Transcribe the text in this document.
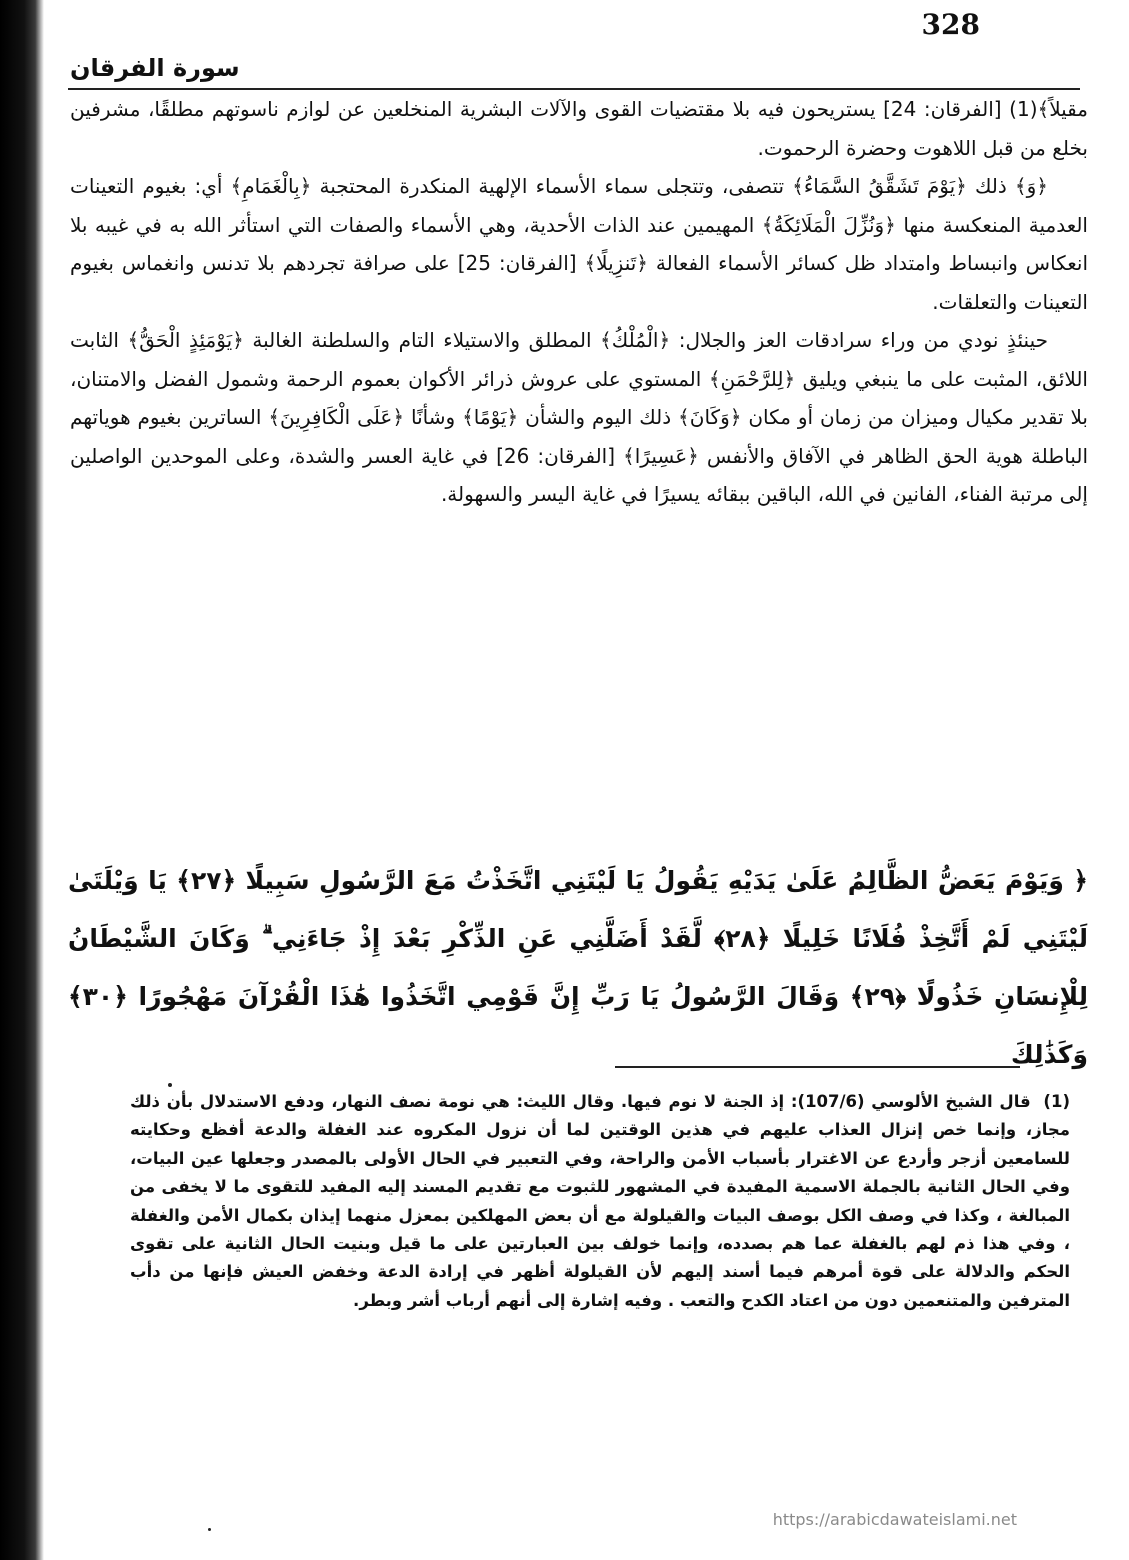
328
سورة الفرقان

مقيلاً﴾(1) [الفرقان: 24] يستريحون فيه بلا مقتضيات القوى والآلات البشرية المنخلعين عن لوازم ناسوتهم مطلقًا، مشرفين بخلع من قبل اللاهوت وحضرة الرحموت.

﴿وَ﴾ ذلك ﴿يَوْمَ تَشَقَّقُ السَّمَاءُ﴾ تتصفى، وتتجلى سماء الأسماء الإلهية المنكدرة المحتجبة ﴿بِالْغَمَامِ﴾ أي: بغيوم التعينات العدمية المنعكسة منها ﴿وَنُزِّلَ الْمَلَائِكَةُ﴾ المهيمين عند الذات الأحدية، وهي الأسماء والصفات التي استأثر الله به في غيبه بلا انعكاس وانبساط وامتداد ظل كسائر الأسماء الفعالة ﴿تَنزِيلًا﴾ [الفرقان: 25] على صرافة تجردهم بلا تدنس وانغماس بغيوم التعينات والتعلقات.

حينئذٍ نودي من وراء سرادقات العز والجلال: ﴿الْمُلْكُ﴾ المطلق والاستيلاء التام والسلطنة الغالبة ﴿يَوْمَئِذٍ الْحَقُّ﴾ الثابت اللائق، المثبت على ما ينبغي ويليق ﴿لِلرَّحْمَنِ﴾ المستوي على عروش ذرائر الأكوان بعموم الرحمة وشمول الفضل والامتنان، بلا تقدير مكيال وميزان من زمان أو مكان ﴿وَكَانَ﴾ ذلك اليوم والشأن ﴿يَوْمًا﴾ وشأنًا ﴿عَلَى الْكَافِرِينَ﴾ الساترين بغيوم هوياتهم الباطلة هوية الحق الظاهر في الآفاق والأنفس ﴿عَسِيرًا﴾ [الفرقان: 26] في غاية العسر والشدة، وعلى الموحدين الواصلين إلى مرتبة الفناء، الفانين في الله، الباقين ببقائه يسيرًا في غاية اليسر والسهولة.

﴿ وَيَوْمَ يَعَضُّ الظَّالِمُ عَلَىٰ يَدَيْهِ يَقُولُ يَا لَيْتَنِي اتَّخَذْتُ مَعَ الرَّسُولِ سَبِيلًا ﴿٢٧﴾ يَا وَيْلَتَىٰ لَيْتَنِي لَمْ أَتَّخِذْ فُلَانًا خَلِيلًا ﴿٢٨﴾ لَّقَدْ أَضَلَّنِي عَنِ الذِّكْرِ بَعْدَ إِذْ جَاءَنِي ۗ وَكَانَ الشَّيْطَانُ لِلْإِنسَانِ خَذُولًا ﴿٢٩﴾ وَقَالَ الرَّسُولُ يَا رَبِّ إِنَّ قَوْمِي اتَّخَذُوا هَٰذَا الْقُرْآنَ مَهْجُورًا ﴿٣٠﴾ وَكَذَٰلِكَ
(1) قال الشيخ الألوسي (107/6): إذ الجنة لا نوم فيها. وقال الليث: هي نومة نصف النهار، ودفع الاستدلال بأن ذلك مجاز، وإنما خص إنزال العذاب عليهم في هذين الوقتين لما أن نزول المكروه عند الغفلة والدعة أفظع وحكايته للسامعين أزجر وأردع عن الاغترار بأسباب الأمن والراحة، وفي التعبير في الحال الأولى بالمصدر وجعلها عين البيات، وفي الحال الثانية بالجملة الاسمية المفيدة في المشهور للثبوت مع تقديم المسند إليه المفيد للتقوى ما لا يخفى من المبالغة ، وكذا في وصف الكل بوصف البيات والقيلولة مع أن بعض المهلكين بمعزل منهما إيذان بكمال الأمن والغفلة ، وفي هذا ذم لهم بالغفلة عما هم بصدده، وإنما خولف بين العبارتين على ما قيل وبنيت الحال الثانية على تقوى الحكم والدلالة على قوة أمرهم فيما أسند إليهم لأن القيلولة أظهر في إرادة الدعة وخفض العيش فإنها من دأب المترفين والمتنعمين دون من اعتاد الكدح والتعب . وفيه إشارة إلى أنهم أرباب أشر وبطر.
https://arabicdawateislami.net
